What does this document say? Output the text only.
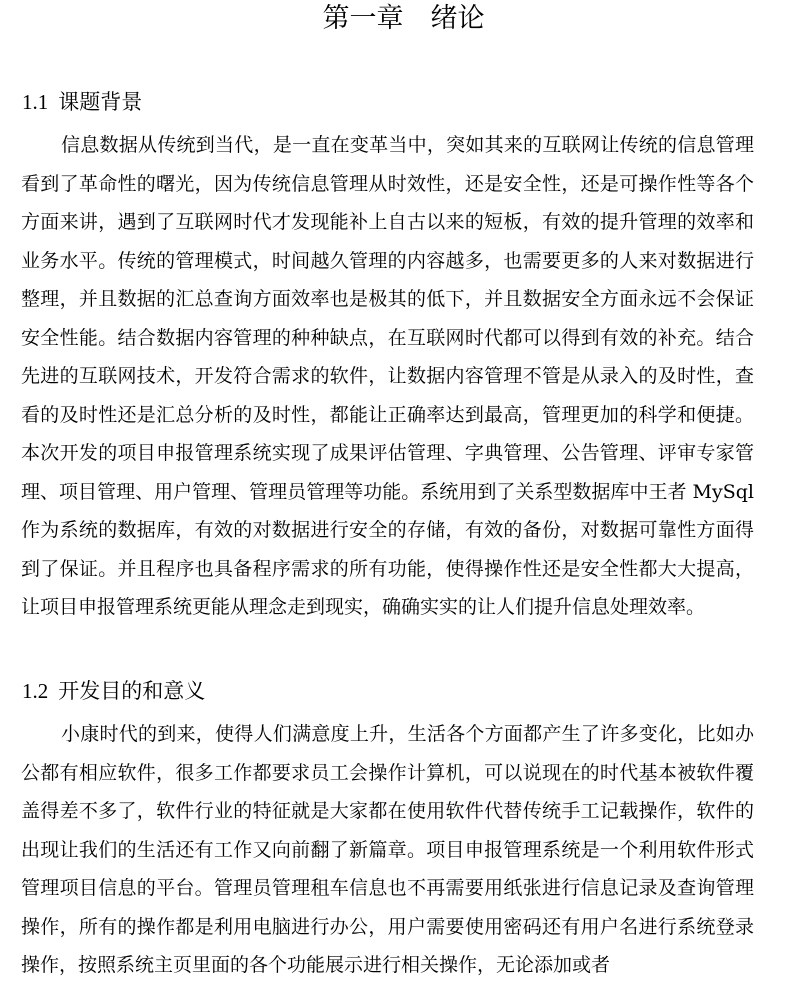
第一章　绪论
1.1 课题背景

信息数据从传统到当代，是一直在变革当中，突如其来的互联网让传统的信息管理看到了革命性的曙光，因为传统信息管理从时效性，还是安全性，还是可操作性等各个方面来讲，遇到了互联网时代才发现能补上自古以来的短板，有效的提升管理的效率和业务水平。传统的管理模式，时间越久管理的内容越多，也需要更多的人来对数据进行整理，并且数据的汇总查询方面效率也是极其的低下，并且数据安全方面永远不会保证安全性能。结合数据内容管理的种种缺点，在互联网时代都可以得到有效的补充。结合先进的互联网技术，开发符合需求的软件，让数据内容管理不管是从录入的及时性，查看的及时性还是汇总分析的及时性，都能让正确率达到最高，管理更加的科学和便捷。本次开发的项目申报管理系统实现了成果评估管理、字典管理、公告管理、评审专家管理、项目管理、用户管理、管理员管理等功能。系统用到了关系型数据库中王者 MySql 作为系统的数据库，有效的对数据进行安全的存储，有效的备份，对数据可靠性方面得到了保证。并且程序也具备程序需求的所有功能，使得操作性还是安全性都大大提高，让项目申报管理系统更能从理念走到现实，确确实实的让人们提升信息处理效率。

1.2 开发目的和意义

小康时代的到来，使得人们满意度上升，生活各个方面都产生了许多变化，比如办公都有相应软件，很多工作都要求员工会操作计算机，可以说现在的时代基本被软件覆盖得差不多了，软件行业的特征就是大家都在使用软件代替传统手工记载操作，软件的出现让我们的生活还有工作又向前翻了新篇章。项目申报管理系统是一个利用软件形式管理项目信息的平台。管理员管理租车信息也不再需要用纸张进行信息记录及查询管理操作，所有的操作都是利用电脑进行办公，用户需要使用密码还有用户名进行系统登录操作，按照系统主页里面的各个功能展示进行相关操作，无论添加或者
